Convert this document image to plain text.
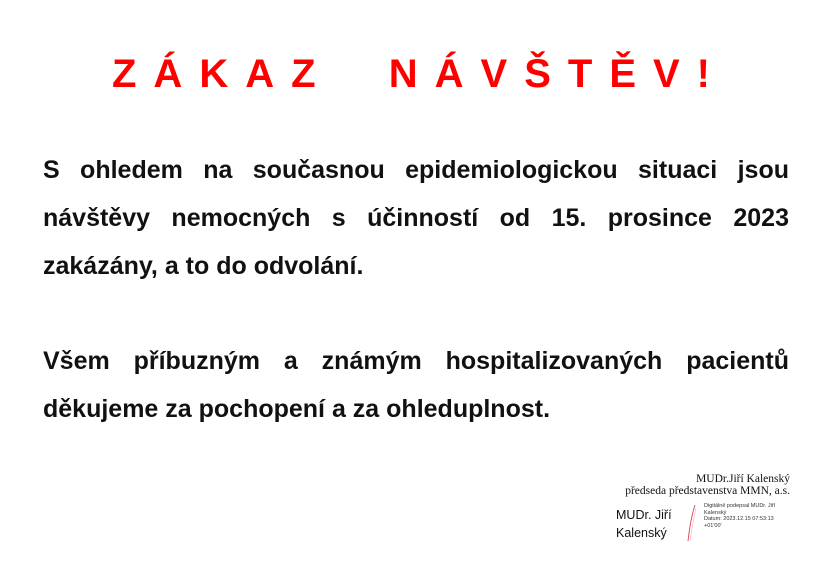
ZÁKAZ  NÁVŠTĚV!
S ohledem na současnou epidemiologickou situaci jsou
návštěvy nemocných s účinností od 15. prosince 2023
zakázány, a to do odvolání.
Všem příbuzným a známým hospitalizovaných pacientů
děkujeme za pochopení a za ohleduplnost.
MUDr.Jiří Kalenský
předseda představenstva MMN, a.s.
MUDr. Jiří
Kalenský
Digitálně podepsal MUDr. Jiří
Kalenský
Datum: 2023.12.15 07:53:13
+01'00'
